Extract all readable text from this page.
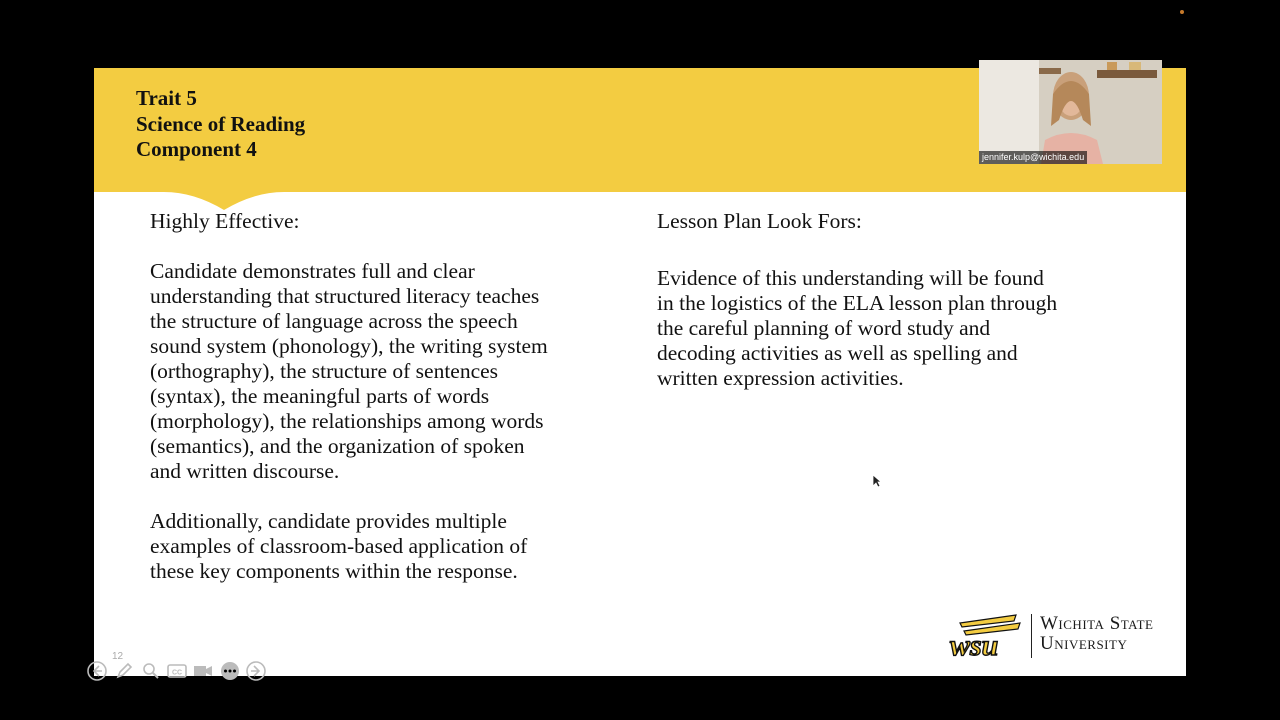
Trait 5
Science of Reading
Component 4

Highly Effective:

Candidate demonstrates full and clear

understanding that structured literacy teaches

the structure of language across the speech

sound system (phonology), the writing system

(orthography), the structure of sentences

(syntax), the meaningful parts of words

(morphology), the relationships among words

(semantics), and the organization of spoken

and written discourse.

Additionally, candidate provides multiple

examples of classroom-based application of

these key components within the response.

Lesson Plan Look Fors:

Evidence of this understanding will be found

in the logistics of the ELA lesson plan through

the careful planning of word study and

decoding activities as well as spelling and

written expression activities.

wsu
Wichita State
University
jennifer.kulp@wichita.edu
12
CC
